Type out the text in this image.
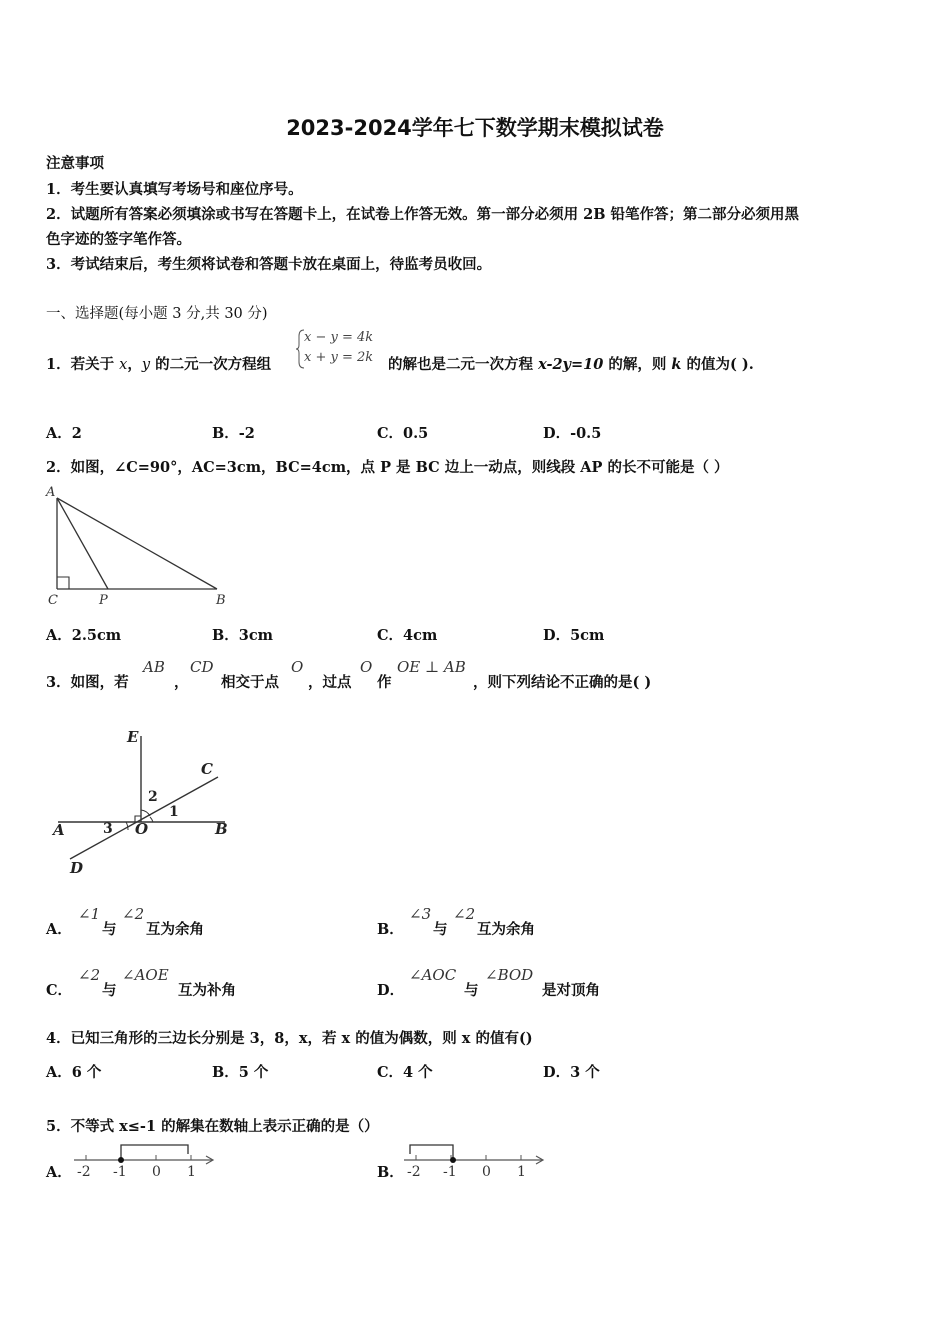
2023-2024学年七下数学期末模拟试卷
注意事项
1．考生要认真填写考场号和座位序号。
2．试题所有答案必须填涂或书写在答题卡上，在试卷上作答无效。第一部分必须用 2B 铅笔作答；第二部分必须用黑
色字迹的签字笔作答。
3．考试结束后，考生须将试卷和答题卡放在桌面上，待监考员收回。
一、选择题(每小题 3 分,共 30 分)
1．若关于 x，y 的二元一次方程组
x − y = 4k
x + y = 2k 的解也是二元一次方程 x-2y=10 的解，则 k 的值为( ).
A．2	B．-2	C．0.5	D．-0.5
2．如图，∠C=90°，AC=3cm，BC=4cm，点 P 是 BC 边上一动点，则线段 AP 的长不可能是（ ）
A
C	P	B
A．2.5cm	B．3cm	C．4cm	D．5cm
3．如图，若
AB
，
CD
相交于点
O
，过点
O
作
OE ⊥ AB
，则下列结论不正确的是( )
E
C
2
1
A	3 O	B
D
A．
∠1
与
∠2
互为余角	B．
∠3
与
∠2
互为余角
C．
∠2
与
∠AOE
互为补角	D．
∠AOC
与
∠BOD
是对顶角
4．已知三角形的三边长分别是 3，8，x，若 x 的值为偶数，则 x 的值有()
A．6 个	B．5 个	C．4 个	D．3 个
5．不等式 x≤-1 的解集在数轴上表示正确的是（）
A． -2 -1 0 1	B． -2 -1 0 1
